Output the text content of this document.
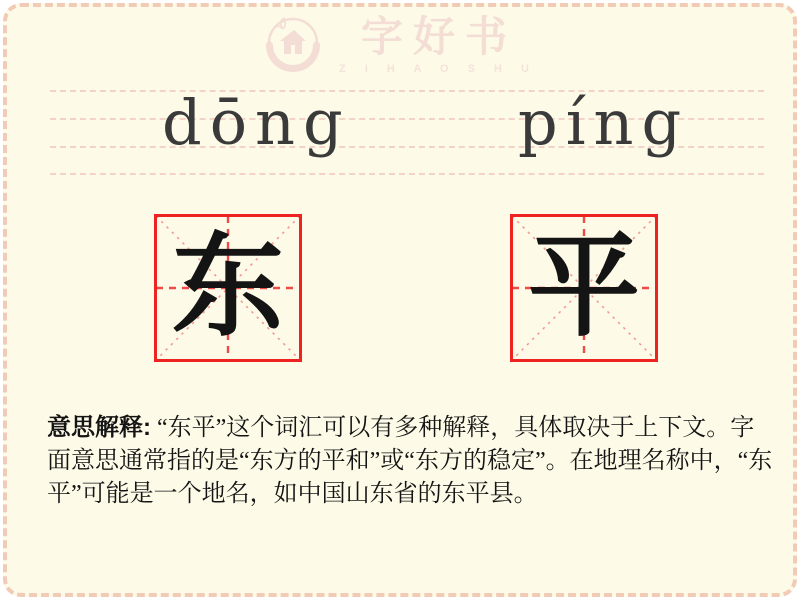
字好书
Z I H A O S H U
dōng	píng
东 平
意思解释: “东平”这个词汇可以有多种解释，具体取决于上下文。字面意思通常指的是“东方的平和”或“东方的稳定”。在地理名称中，“东平”可能是一个地名，如中国山东省的东平县。
